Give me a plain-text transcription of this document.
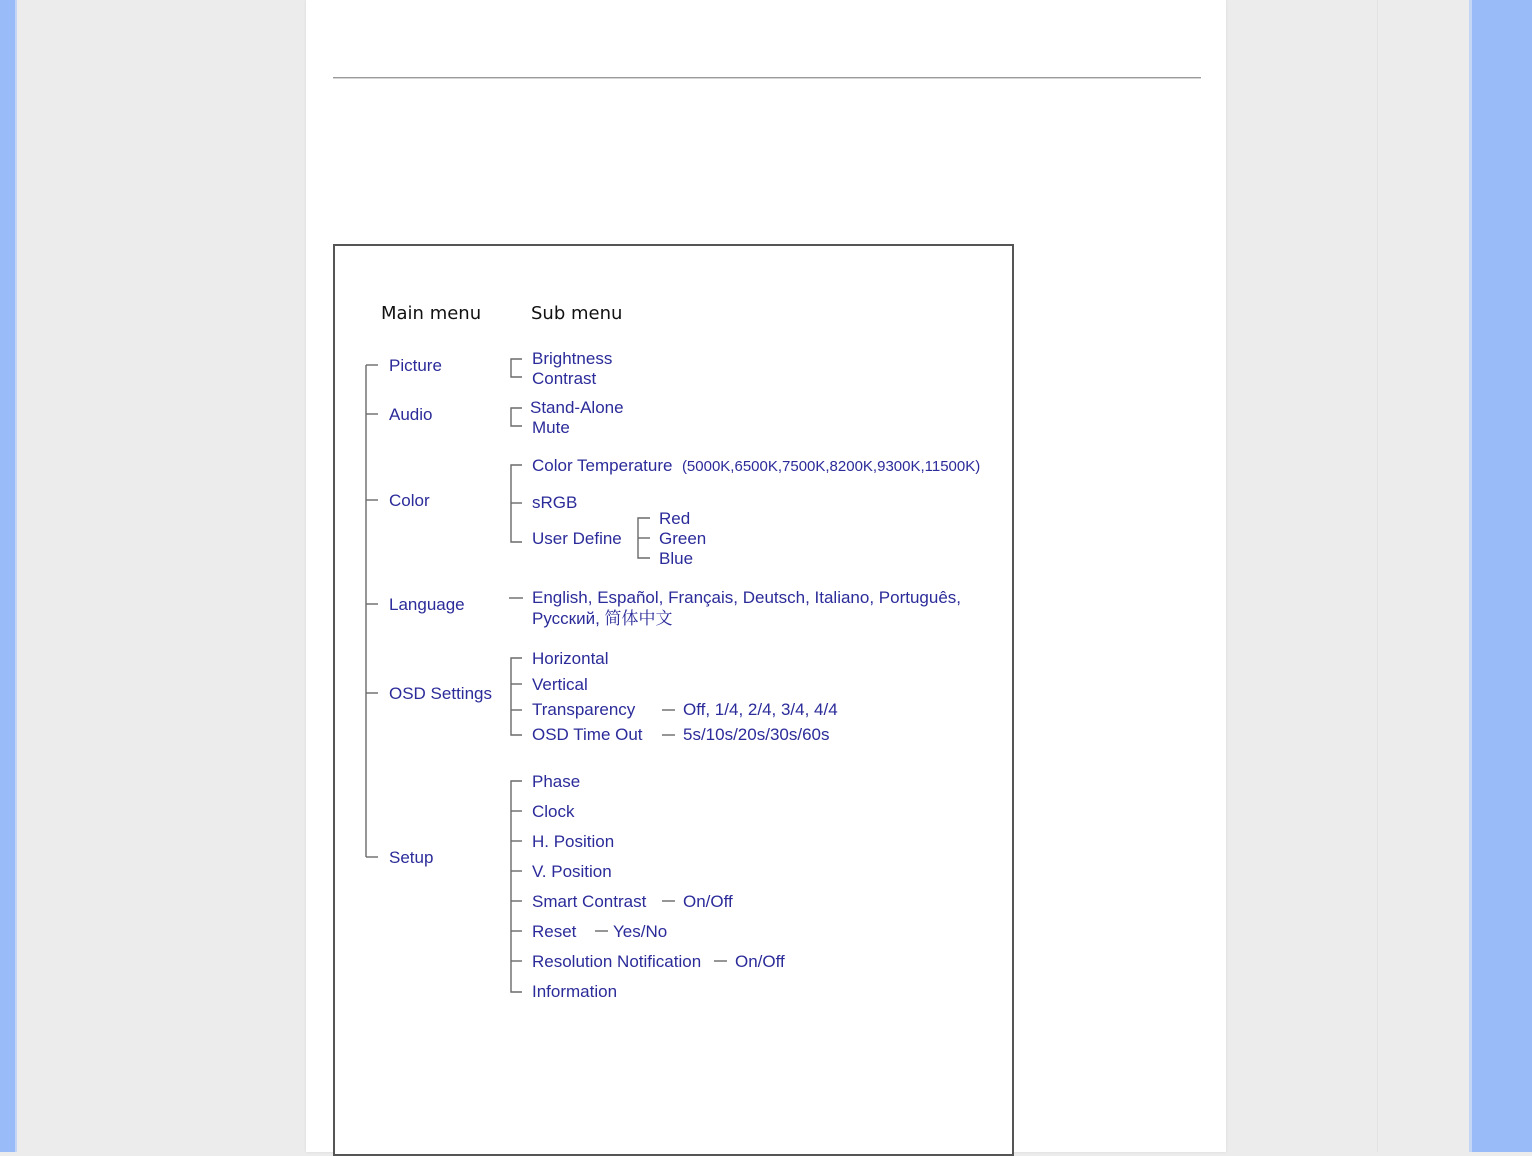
Main menu	Sub menu
Picture
Audio
Color
Language
OSD Settings
Setup
Brightness
Contrast
Stand-Alone
Mute
Color Temperature (5000K,6500K,7500K,8200K,9300K,11500K)
sRGB
User Define
Red
Green
Blue
English, Español, Français, Deutsch, Italiano, Português,
Pусский, 简体中文
Horizontal
Vertical
Transparency	Off, 1/4, 2/4, 3/4, 4/4
OSD Time Out 5s/10s/20s/30s/60s
Phase
Clock
H. Position
V. Position
Smart Contrast On/Off
Reset Yes/No
Resolution Notification On/Off
Information
